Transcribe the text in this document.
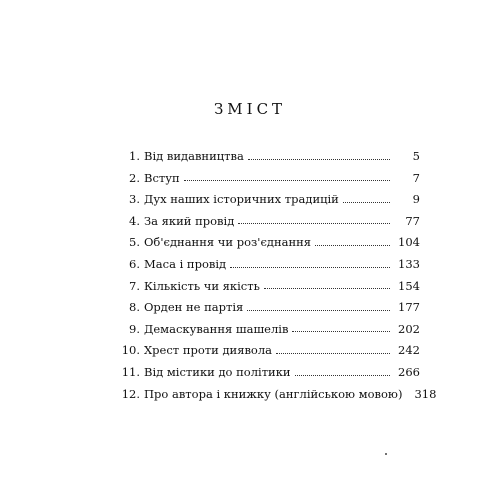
ЗМІСТ
1. Від видавництва	5
2. Вступ	7
3. Дух наших історичних традицій	9
4. За який провід	77
5. Об'єднання чи роз'єднання	104
6. Маса і провід	133
7. Кількість чи якість	154
8. Орден не партія	177
9. Демаскування шашелів	202
10. Хрест проти диявола	242
11. Від містики до політики	266
12. Про автора і книжку (англійською мовою)	318
